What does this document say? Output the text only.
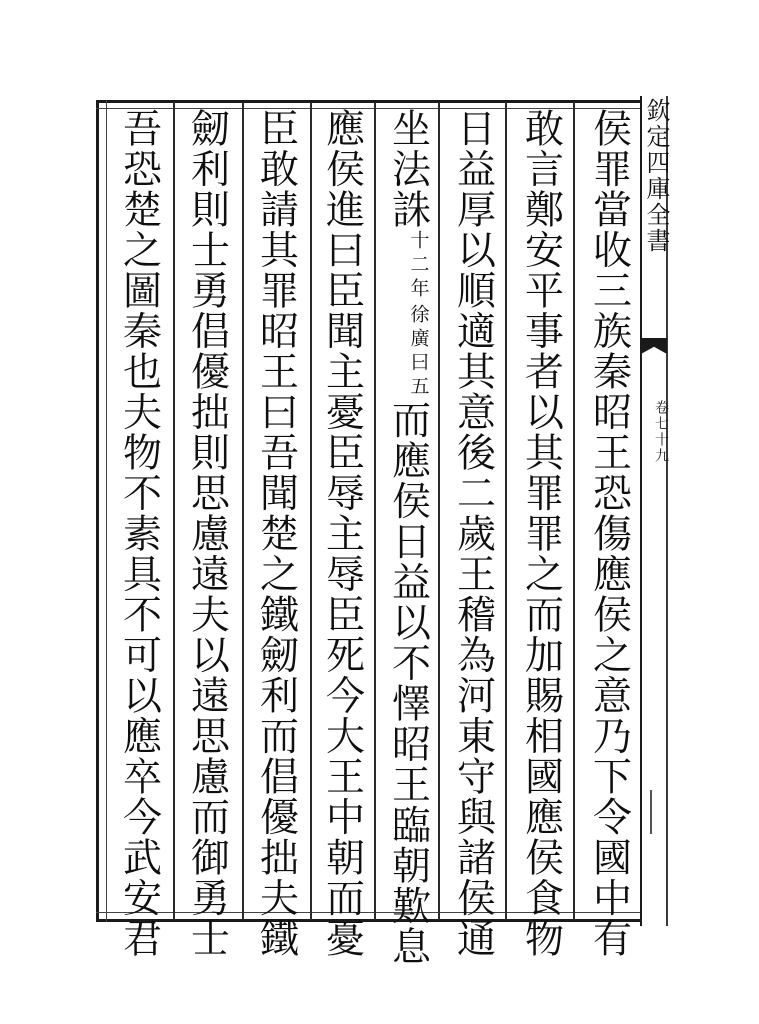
侯罪當收三族秦昭王恐傷應侯之意乃下令國中有
敢言鄭安平事者以其罪罪之而加賜相國應侯食物
日益厚以順適其意後二歲王稽為河東守與諸侯通
坐法誅
徐廣曰五
十二年
而應侯日益以不懌昭王臨朝歎息
應侯進曰臣聞主憂臣辱主辱臣死今大王中朝而憂
臣敢請其罪昭王曰吾聞楚之鐵劒利而倡優拙夫鐵
劒利則士勇倡優拙則思慮遠夫以遠思慮而御勇士
吾恐楚之圖秦也夫物不素具不可以應卒今武安君	欽定四庫全書
卷七十九
